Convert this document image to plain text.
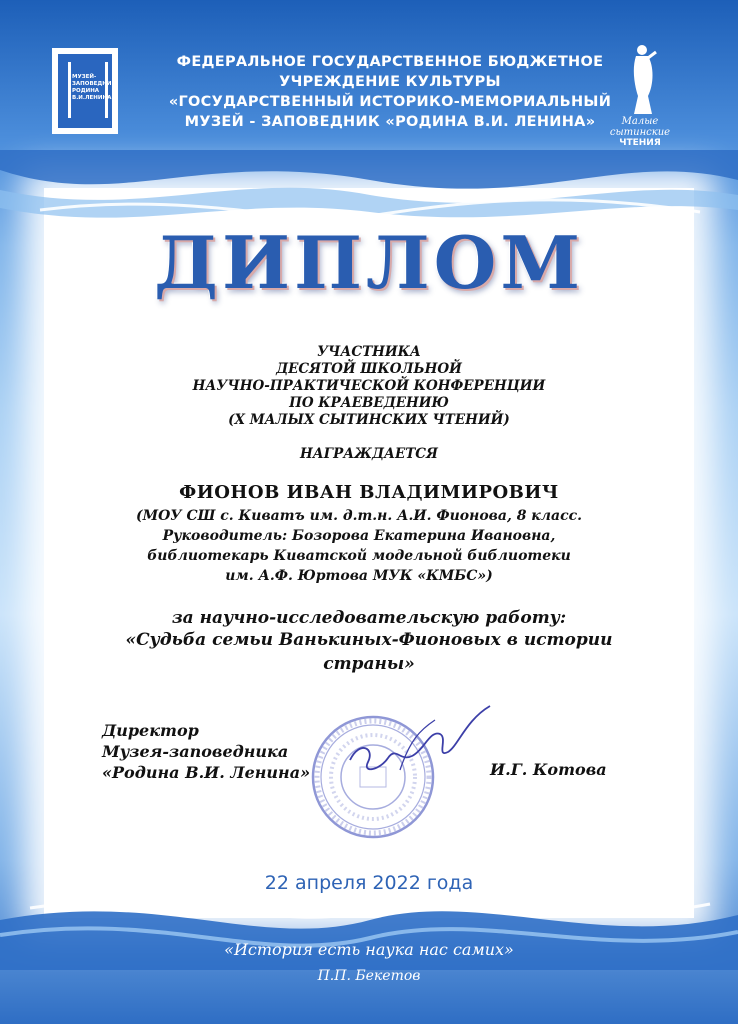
МУЗЕЙ-
ЗАПОВЕДНИК
РОДИНА
В.И.ЛЕНИНА
ФЕДЕРАЛЬНОЕ ГОСУДАРСТВЕННОЕ БЮДЖЕТНОЕ
УЧРЕЖДЕНИЕ КУЛЬТУРЫ
«ГОСУДАРСТВЕННЫЙ ИСТОРИКО-МЕМОРИАЛЬНЫЙ
МУЗЕЙ - ЗАПОВЕДНИК «РОДИНА В.И. ЛЕНИНА»	Малые
сытинские
ЧТЕНИЯ
ДИПЛОМ
УЧАСТНИКА
ДЕСЯТОЙ ШКОЛЬНОЙ
НАУЧНО-ПРАКТИЧЕСКОЙ КОНФЕРЕНЦИИ
ПО КРАЕВЕДЕНИЮ
(X МАЛЫХ СЫТИНСКИХ ЧТЕНИЙ)
НАГРАЖДАЕТСЯ
ФИОНОВ ИВАН ВЛАДИМИРОВИЧ
(МОУ СШ с. Киватъ им. д.т.н. А.И. Фионова, 8 класс.
Руководитель: Бозорова Екатерина Ивановна,
библиотекарь Киватской модельной библиотеки
им. А.Ф. Юртова МУК «КМБС»)
за научно-исследовательскую работу:
«Судьба семьи Ванькиных-Фионовых в истории
страны»
Директор
Музея-заповедника
«Родина В.И. Ленина»	И.Г. Котова
22 апреля 2022 года
«История есть наука нас самих»
П.П. Бекетов
